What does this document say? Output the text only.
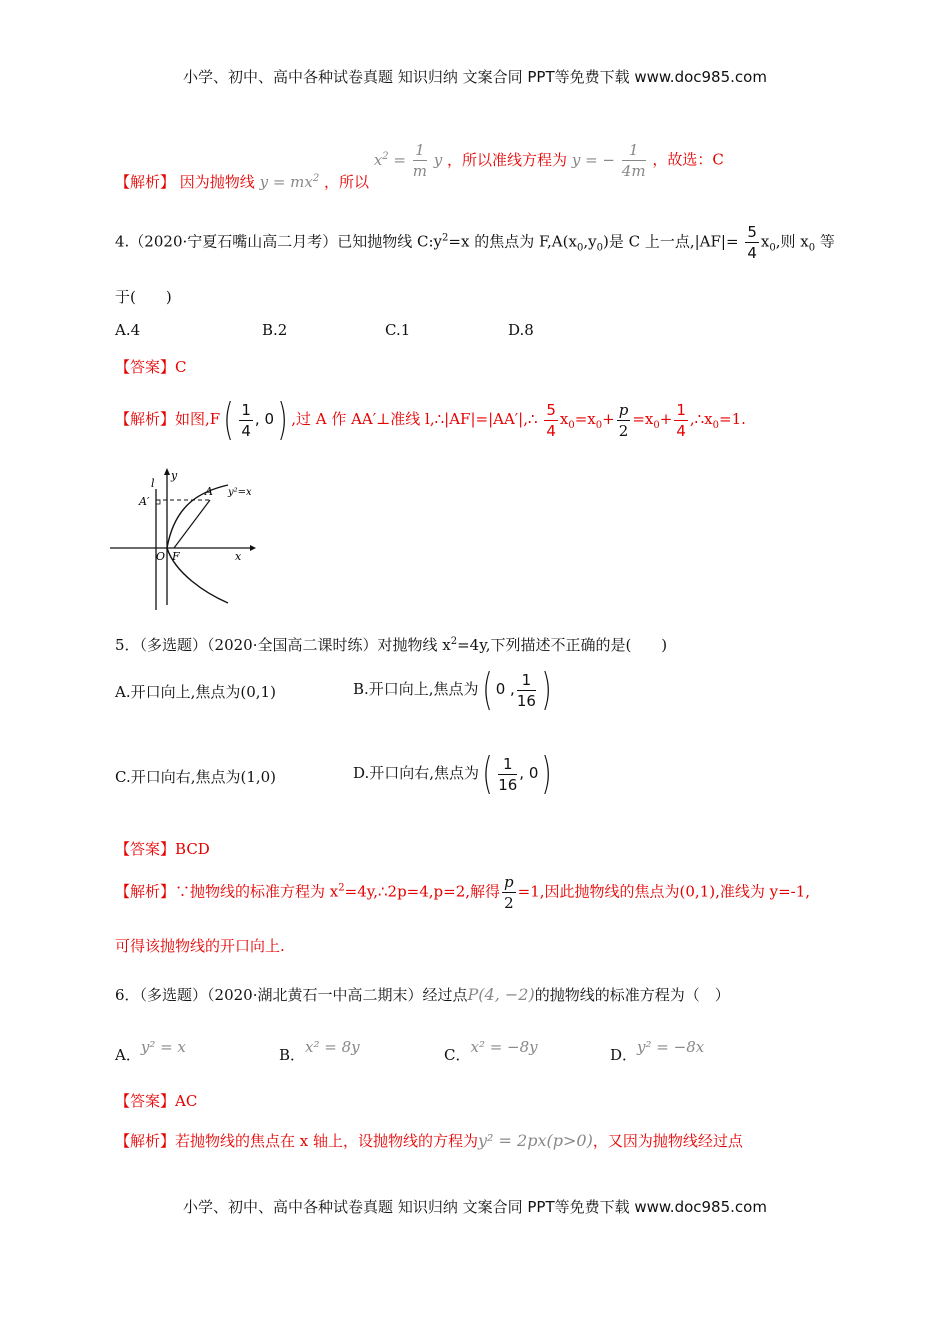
小学、初中、高中各种试卷真题 知识归纳 文案合同 PPT等免费下载 www.doc985.com
【解析】 因为抛物线 $y = mx^2$ ，所以 $x^2 = \frac{1}{m}$ y ，所以准线方程为 y = − $\frac{1}{4m}$ ，故选：C
4.（2020·宁夏石嘴山高二月考）已知抛物线 $C:y^2=x$ 的焦点为 $F,A(x_0,y_0)$是 C 上一点$,|AF|= \frac{5}{4} x_0$,则 $x_0$ 等
于(　　)
A.4	B.2	C.1	D.8
【答案】C
【解析】如图$,F( \frac{1}{4}$ , 0) ,过 A 作 AA′⊥准线 l,∴|AF|=|AA′|,∴ $\frac{5}{4} x_0=x_0+ \frac{p}{2} =x_0+ \frac{1}{4}$ $,\therefore x_0=1$.
y
x
l
A
A′
O F
y²=x
5．（多选题）（2020·全国高二课时练）对抛物线 $x^2=4y$,下列描述不正确的是(　　)
A.开口向上,焦点为(0,1)	B.开口向上,焦点为( 0 , $\frac{1}{16}$ )
C.开口向右,焦点为(1,0)	D.开口向右,焦点为( $\frac{1}{16}$ , 0)
【答案】BCD
【解析】∵抛物线的标准方程为 $x^2=4y,\therefore 2p=4,p=2$,解得 $\frac{p}{2} =1$,因此抛物线的焦点为(0,1),准线为 y=-1,
可得该抛物线的开口向上.
6．（多选题）（2020·湖北黄石一中高二期末）经过点P(4, −2)的抛物线的标准方程为（　）
A．y² = x	B．x² = 8y	C．x² = −8y	D．y² = −8x
【答案】AC
【解析】若抛物线的焦点在 x 轴上，设抛物线的方程为y² = 2px(p>0)，又因为抛物线经过点
小学、初中、高中各种试卷真题 知识归纳 文案合同 PPT等免费下载 www.doc985.com
